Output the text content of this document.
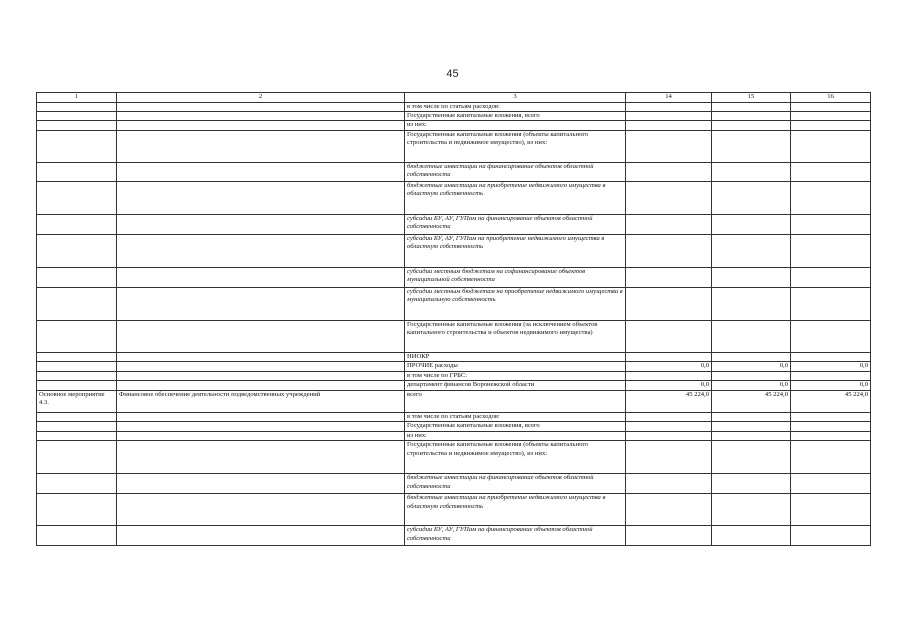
45
1	2	3	14	15	16
		в том числе по статьям расходов:			
		Государственные капитальные вложения, всего			
		из них:			
		Государственные капитальные вложения (объекты капитального строительства и недвижимое имущество), из них:			
		бюджетные инвестиции на финансирование объектов областной собственности			
		бюджетные инвестиции на приобретение недвижимого имущества в областную собственность			
		субсидии БУ, АУ, ГУПам на финансирование объектов областной собственности			
		субсидии БУ, АУ, ГУПам на приобретение недвижимого имущества в областную собственность			
		субсидии местным бюджетам на софинансирование объектов муниципальной собственности			
		субсидии местным бюджетам на приобретение недвижимого имущества в муниципальную собственность			
		Государственные капитальные вложения (за исключением объектов капитального строительства и объектов недвижимого имущества)			
		НИОКР			
		ПРОЧИЕ расходы	0,0	0,0	0,0
		в том числе по ГРБС:			
		департамент финансов Воронежской области	0,0	0,0	0,0
Основное мероприятие 4.3.	Финансовое обеспечение деятельности подведомственных учреждений	всего	45 224,0	45 224,0	45 224,0
		в том числе по статьям расходов:			
		Государственные капитальные вложения, всего			
		из них:			
		Государственные капитальные вложения (объекты капитального строительства и недвижимое имущество), из них:			
		бюджетные инвестиции на финансирование объектов областной собственности			
		бюджетные инвестиции на приобретение недвижимого имущества в областную собственность			
		субсидии БУ, АУ, ГУПам на финансирование объектов областной собственности			
